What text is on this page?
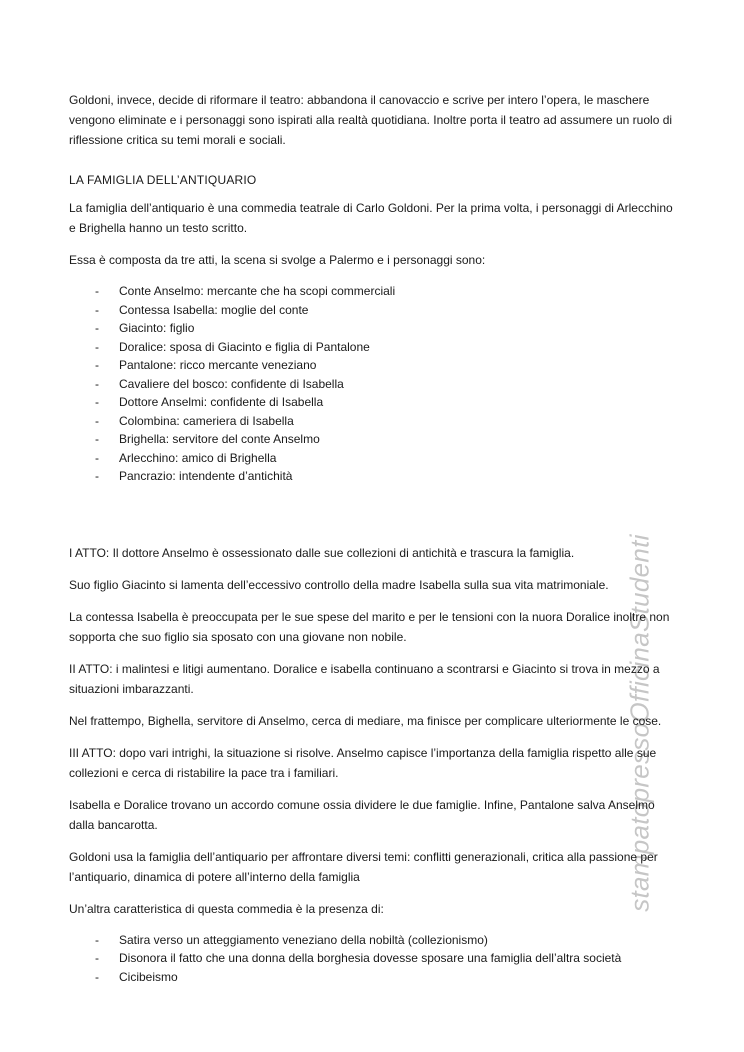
stampatopressoOfficinaStudenti

Goldoni, invece, decide di riformare il teatro: abbandona il canovaccio e scrive per intero l’opera, le maschere vengono eliminate e i personaggi sono ispirati alla realtà quotidiana. Inoltre porta il teatro ad assumere un ruolo di riflessione critica su temi morali e sociali.

LA FAMIGLIA DELL’ANTIQUARIO

La famiglia dell’antiquario è una commedia teatrale di Carlo Goldoni. Per la prima volta, i personaggi di Arlecchino e Brighella hanno un testo scritto.

Essa è composta da tre atti, la scena si svolge a Palermo e i personaggi sono:

- Conte Anselmo: mercante che ha scopi commerciali
- Contessa Isabella: moglie del conte
- Giacinto: figlio
- Doralice: sposa di Giacinto e figlia di Pantalone
- Pantalone: ricco mercante veneziano
- Cavaliere del bosco: confidente di Isabella
- Dottore Anselmi: confidente di Isabella
- Colombina: cameriera di Isabella
- Brighella: servitore del conte Anselmo
- Arlecchino: amico di Brighella
- Pancrazio: intendente d’antichità

I ATTO: Il dottore Anselmo è ossessionato dalle sue collezioni di antichità e trascura la famiglia.

Suo figlio Giacinto si lamenta dell’eccessivo controllo della madre Isabella sulla sua vita matrimoniale.

La contessa Isabella è preoccupata per le sue spese del marito e per le tensioni con la nuora Doralice inoltre non sopporta che suo figlio sia sposato con una giovane non nobile.

II ATTO: i malintesi e litigi aumentano. Doralice e isabella continuano a scontrarsi e Giacinto si trova in mezzo a situazioni imbarazzanti.

Nel frattempo, Bighella, servitore di Anselmo, cerca di mediare, ma finisce per complicare ulteriormente le cose.

III ATTO: dopo vari intrighi, la situazione si risolve. Anselmo capisce l’importanza della famiglia rispetto alle sue collezioni e cerca di ristabilire la pace tra i familiari.

Isabella e Doralice trovano un accordo comune ossia dividere le due famiglie. Infine, Pantalone salva Anselmo dalla bancarotta.

Goldoni usa la famiglia dell’antiquario per affrontare diversi temi: conflitti generazionali, critica alla passione per l’antiquario, dinamica di potere all’interno della famiglia

Un’altra caratteristica di questa commedia è la presenza di:

- Satira verso un atteggiamento veneziano della nobiltà (collezionismo)
- Disonora il fatto che una donna della borghesia dovesse sposare una famiglia dell’altra società
- Cicibeismo
